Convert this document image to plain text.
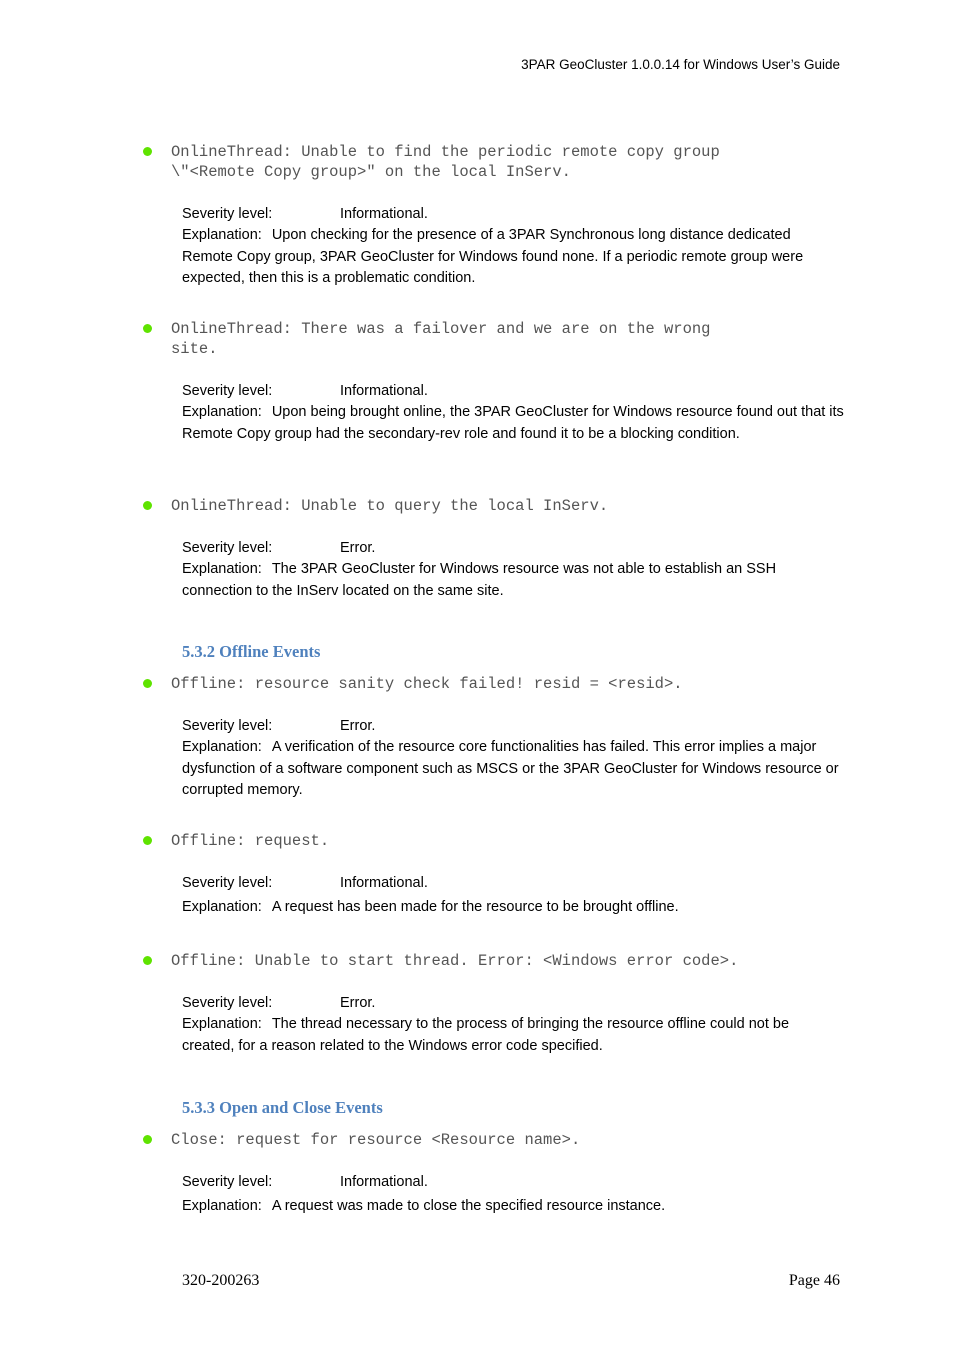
3PAR GeoCluster 1.0.0.14 for Windows User’s Guide
OnlineThread: Unable to find the periodic remote copy group
\"<Remote Copy group>" on the local InServ.
Severity level:	Informational.
Explanation: Upon checking for the presence of a 3PAR Synchronous long distance dedicated Remote Copy group, 3PAR GeoCluster for Windows found none. If a periodic remote group were expected, then this is a problematic condition.
OnlineThread: There was a failover and we are on the wrong
site.
Severity level:	Informational.
Explanation: Upon being brought online, the 3PAR GeoCluster for Windows resource found out that its Remote Copy group had the secondary-rev role and found it to be a blocking condition.
OnlineThread: Unable to query the local InServ.
Severity level:	Error.
Explanation: The 3PAR GeoCluster for Windows resource was not able to establish an SSH connection to the InServ located on the same site.
5.3.2 Offline Events
Offline: resource sanity check failed! resid = <resid>.
Severity level:	Error.
Explanation: A verification of the resource core functionalities has failed. This error implies a major dysfunction of a software component such as MSCS or the 3PAR GeoCluster for Windows resource or corrupted memory.
Offline: request.
Severity level:	Informational.
Explanation: A request has been made for the resource to be brought offline.
Offline: Unable to start thread. Error: <Windows error code>.
Severity level:	Error.
Explanation: The thread necessary to the process of bringing the resource offline could not be created, for a reason related to the Windows error code specified.
5.3.3 Open and Close Events
Close: request for resource <Resource name>.
Severity level:	Informational.
Explanation: A request was made to close the specified resource instance.
320-200263	Page 46
